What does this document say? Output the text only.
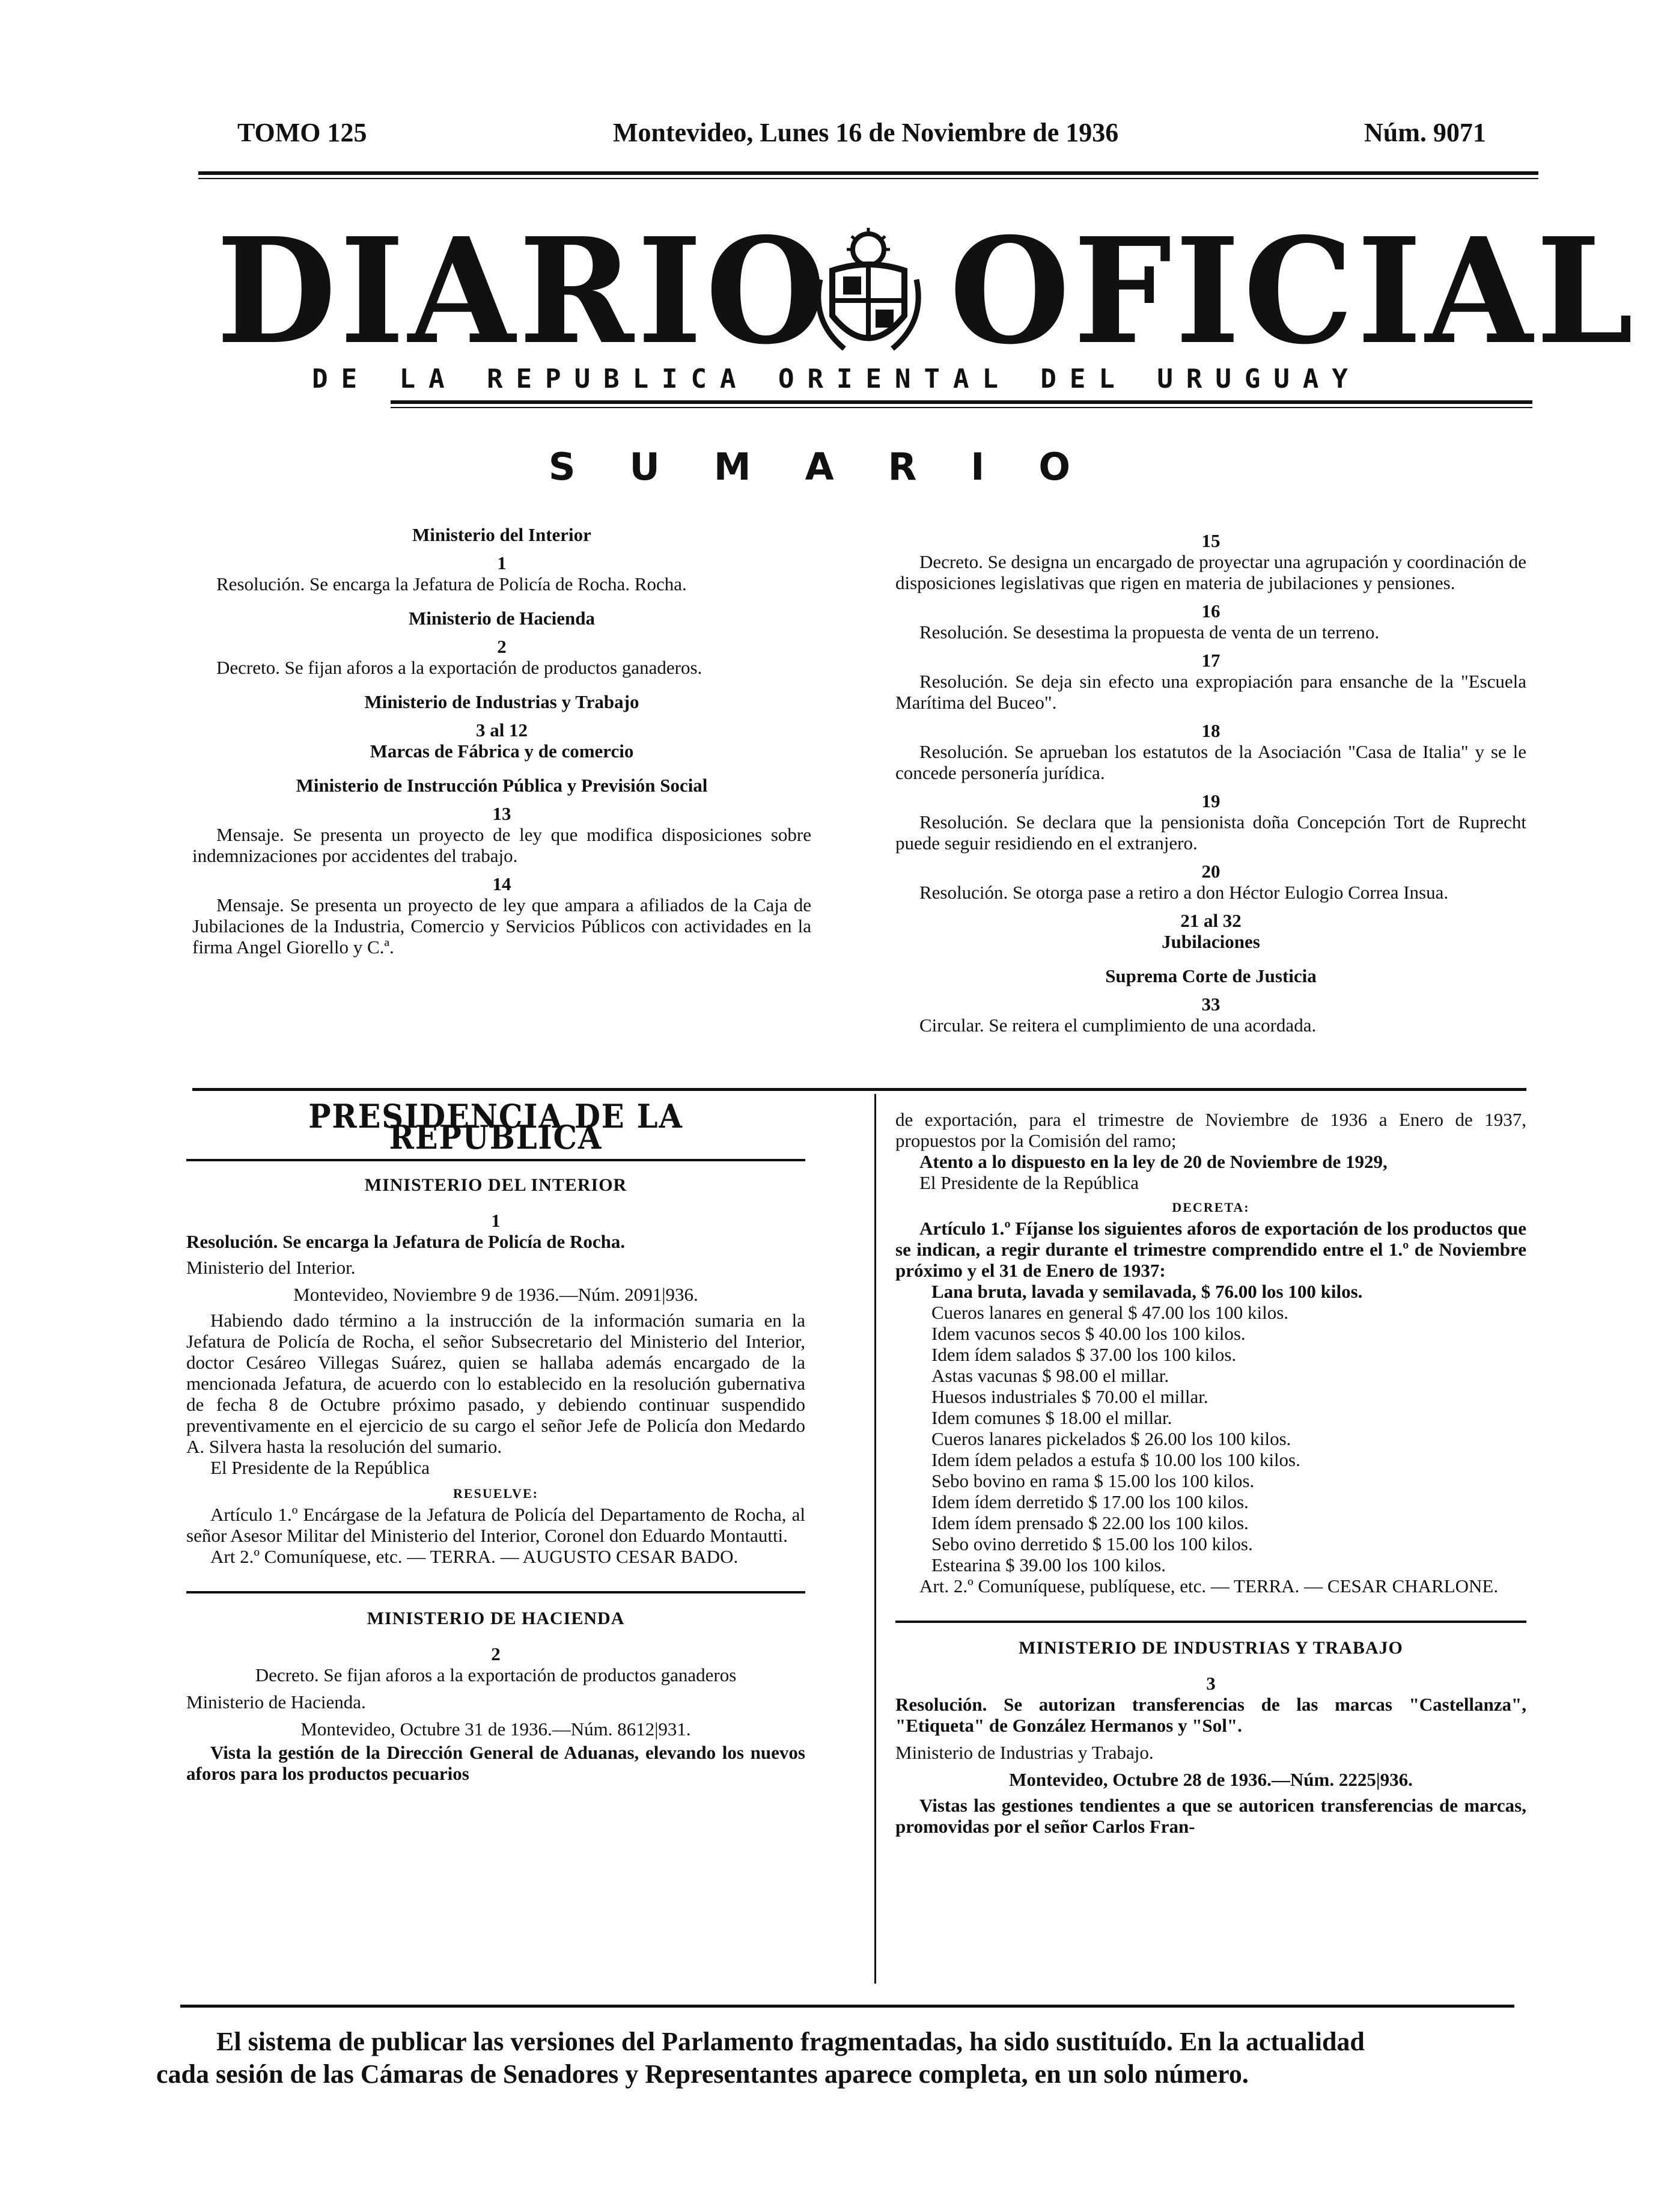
TOMO 125	Montevideo, Lunes 16 de Noviembre de 1936	Núm. 9071
DIARIO OFICIAL
DE LA REPUBLICA ORIENTAL DEL URUGUAY
SUMARIO

Ministerio del Interior

1

Resolución. Se encarga la Jefatura de Policía de Rocha. Rocha.

Ministerio de Hacienda

2

Decreto. Se fijan aforos a la exportación de productos ganaderos.

Ministerio de Industrias y Trabajo

3 al 12

Marcas de Fábrica y de comercio

Ministerio de Instrucción Pública y Previsión Social

13

Mensaje. Se presenta un proyecto de ley que modifica disposiciones sobre indemnizaciones por accidentes del trabajo.

14

Mensaje. Se presenta un proyecto de ley que ampara a afiliados de la Caja de Jubilaciones de la Industria, Comercio y Servicios Públicos con actividades en la firma Angel Giorello y C.ª.

15

Decreto. Se designa un encargado de proyectar una agrupación y coordinación de disposiciones legislativas que rigen en materia de jubilaciones y pensiones.

16

Resolución. Se desestima la propuesta de venta de un terreno.

17

Resolución. Se deja sin efecto una expropiación para ensanche de la "Escuela Marítima del Buceo".

18

Resolución. Se aprueban los estatutos de la Asociación "Casa de Italia" y se le concede personería jurídica.

19

Resolución. Se declara que la pensionista doña Concepción Tort de Ruprecht puede seguir residiendo en el extranjero.

20

Resolución. Se otorga pase a retiro a don Héctor Eulogio Correa Insua.

21 al 32

Jubilaciones

Suprema Corte de Justicia

33

Circular. Se reitera el cumplimiento de una acordada.

PRESIDENCIA DE LA REPUBLICA
MINISTERIO DEL INTERIOR

1

Resolución. Se encarga la Jefatura de Policía de Rocha.

Ministerio del Interior.

Montevideo, Noviembre 9 de 1936.—Núm. 2091|936.

Habiendo dado término a la instrucción de la información sumaria en la Jefatura de Policía de Rocha, el señor Subsecretario del Ministerio del Interior, doctor Cesáreo Villegas Suárez, quien se hallaba además encargado de la mencionada Jefatura, de acuerdo con lo establecido en la resolución gubernativa de fecha 8 de Octubre próximo pasado, y debiendo continuar suspendido preventivamente en el ejercicio de su cargo el señor Jefe de Policía don Medardo A. Silvera hasta la resolución del sumario.

El Presidente de la República

RESUELVE:

Artículo 1.º Encárgase de la Jefatura de Policía del Departamento de Rocha, al señor Asesor Militar del Ministerio del Interior, Coronel don Eduardo Montautti.

Art 2.º Comuníquese, etc. — TERRA. — AUGUSTO CESAR BADO.

MINISTERIO DE HACIENDA

2

Decreto. Se fijan aforos a la exportación de productos ganaderos

Ministerio de Hacienda.

Montevideo, Octubre 31 de 1936.—Núm. 8612|931.

Vista la gestión de la Dirección General de Aduanas, elevando los nuevos aforos para los productos pecuarios

de exportación, para el trimestre de Noviembre de 1936 a Enero de 1937, propuestos por la Comisión del ramo;

Atento a lo dispuesto en la ley de 20 de Noviembre de 1929,

El Presidente de la República

DECRETA:

Artículo 1.º Fíjanse los siguientes aforos de exportación de los productos que se indican, a regir durante el trimestre comprendido entre el 1.º de Noviembre próximo y el 31 de Enero de 1937:

Lana bruta, lavada y semilavada, $ 76.00 los 100 kilos.

Cueros lanares en general $ 47.00 los 100 kilos.

Idem vacunos secos $ 40.00 los 100 kilos.

Idem ídem salados $ 37.00 los 100 kilos.

Astas vacunas $ 98.00 el millar.

Huesos industriales $ 70.00 el millar.

Idem comunes $ 18.00 el millar.

Cueros lanares pickelados $ 26.00 los 100 kilos.

Idem ídem pelados a estufa $ 10.00 los 100 kilos.

Sebo bovino en rama $ 15.00 los 100 kilos.

Idem ídem derretido $ 17.00 los 100 kilos.

Idem ídem prensado $ 22.00 los 100 kilos.

Sebo ovino derretido $ 15.00 los 100 kilos.

Estearina $ 39.00 los 100 kilos.

Art. 2.º Comuníquese, publíquese, etc. — TERRA. — CESAR CHARLONE.

MINISTERIO DE INDUSTRIAS Y TRABAJO

3

Resolución. Se autorizan transferencias de las marcas "Castellanza", "Etiqueta" de González Hermanos y "Sol".

Ministerio de Industrias y Trabajo.

Montevideo, Octubre 28 de 1936.—Núm. 2225|936.

Vistas las gestiones tendientes a que se autoricen transferencias de marcas, promovidas por el señor Carlos Fran-

El sistema de publicar las versiones del Parlamento fragmentadas, ha sido sustituído. En la actualidad

cada sesión de las Cámaras de Senadores y Representantes aparece completa, en un solo número.
